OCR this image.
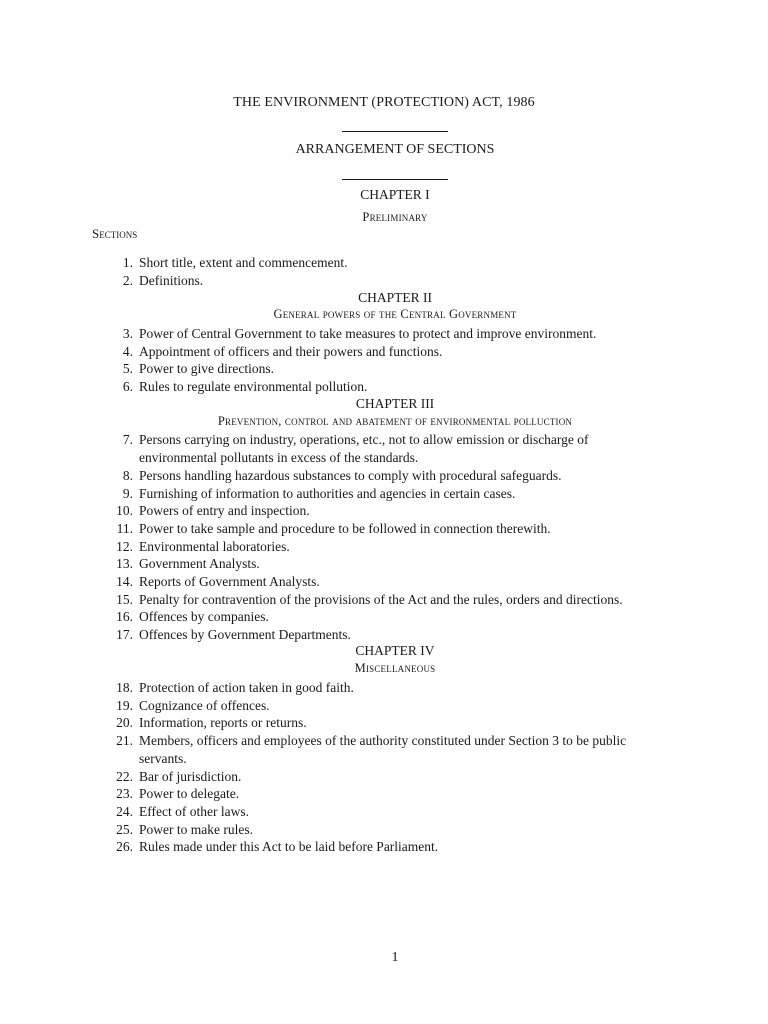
THE ENVIRONMENT (PROTECTION) ACT, 1986
ARRANGEMENT OF SECTIONS
CHAPTER I
Preliminary
Sections
1. Short title, extent and commencement.
2. Definitions.
CHAPTER II
General powers of the Central Government
3. Power of Central Government to take measures to protect and improve environment.
4. Appointment of officers and their powers and functions.
5. Power to give directions.
6. Rules to regulate environmental pollution.
CHAPTER III
Prevention, control and abatement of environmental polluction
7. Persons carrying on industry, operations, etc., not to allow emission or discharge of environmental pollutants in excess of the standards.
8. Persons handling hazardous substances to comply with procedural safeguards.
9. Furnishing of information to authorities and agencies in certain cases.
10. Powers of entry and inspection.
11. Power to take sample and procedure to be followed in connection therewith.
12. Environmental laboratories.
13. Government Analysts.
14. Reports of Government Analysts.
15. Penalty for contravention of the provisions of the Act and the rules, orders and directions.
16. Offences by companies.
17. Offences by Government Departments.
CHAPTER IV
Miscellaneous
18. Protection of action taken in good faith.
19. Cognizance of offences.
20. Information, reports or returns.
21. Members, officers and employees of the authority constituted under Section 3 to be public servants.
22. Bar of jurisdiction.
23. Power to delegate.
24. Effect of other laws.
25. Power to make rules.
26. Rules made under this Act to be laid before Parliament.
1
